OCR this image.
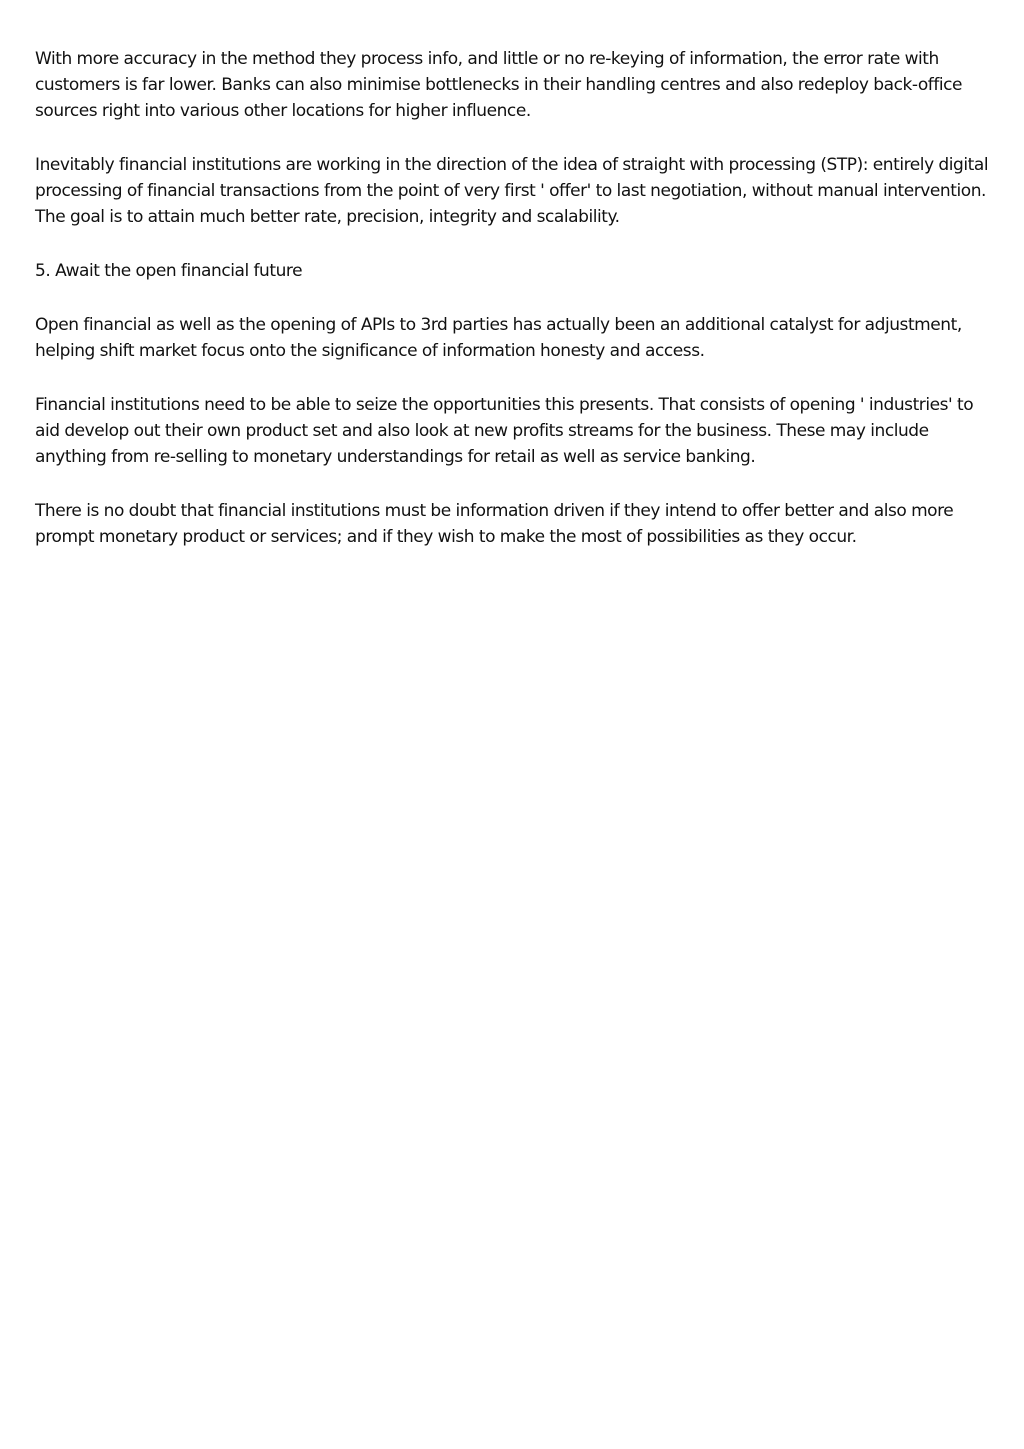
With more accuracy in the method they process info, and little or no re-keying of information, the error rate with customers is far lower. Banks can also minimise bottlenecks in their handling centres and also redeploy back-office sources right into various other locations for higher influence.

Inevitably financial institutions are working in the direction of the idea of straight with processing (STP): entirely digital processing of financial transactions from the point of very first ' offer' to last negotiation, without manual intervention. The goal is to attain much better rate, precision, integrity and scalability.

5. Await the open financial future

Open financial as well as the opening of APIs to 3rd parties has actually been an additional catalyst for adjustment, helping shift market focus onto the significance of information honesty and access.

Financial institutions need to be able to seize the opportunities this presents. That consists of opening ' industries' to aid develop out their own product set and also look at new profits streams for the business. These may include anything from re-selling to monetary understandings for retail as well as service banking.

There is no doubt that financial institutions must be information driven if they intend to offer better and also more prompt monetary product or services; and if they wish to make the most of possibilities as they occur.
